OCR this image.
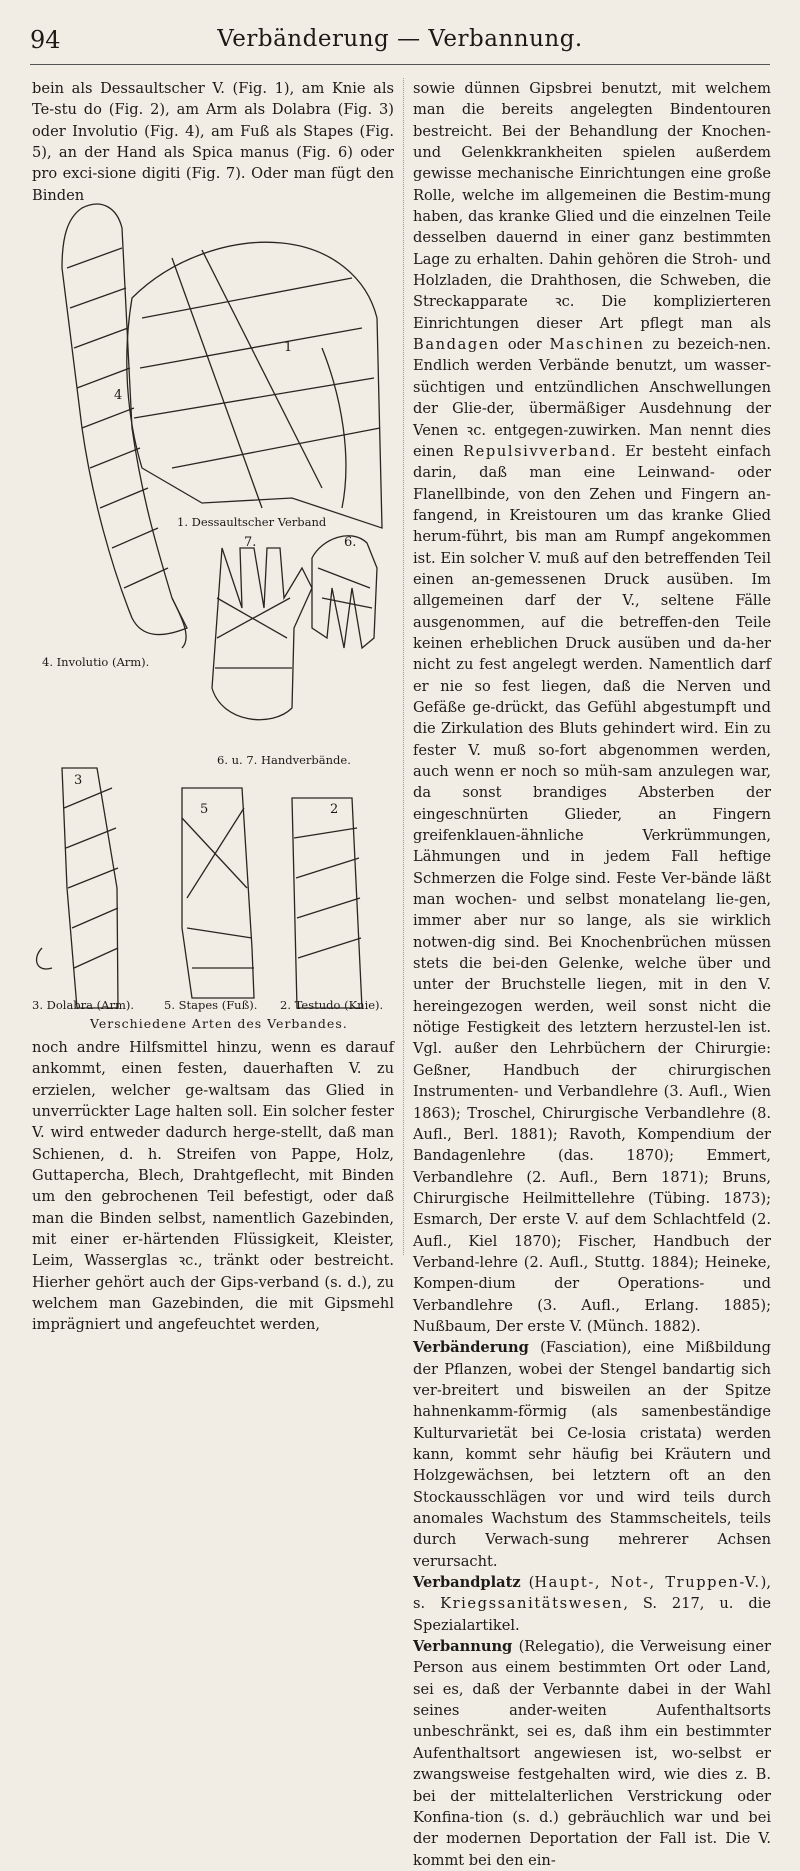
94	Verbänderung — Verbannung.

bein als Dessaultscher V. (Fig. 1), am Knie als Te-stu do (Fig. 2), am Arm als Dolabra (Fig. 3) oder Involutio (Fig. 4), am Fuß als Stapes (Fig. 5), an der Hand als Spica manus (Fig. 6) oder pro exci-sione digiti (Fig. 7). Oder man fügt den Binden

1
4
7.	6.
3
5	2
1. Dessaultscher Verband
4. Involutio (Arm).
6. u. 7. Handverbände.
3. Dolabra (Arm).	5. Stapes (Fuß). 2. Testudo (Knie).
Verschiedene Arten des Verbandes.

noch andre Hilfsmittel hinzu, wenn es darauf ankommt, einen festen, dauerhaften V. zu erzielen, welcher ge-waltsam das Glied in unverrückter Lage halten soll. Ein solcher fester V. wird entweder dadurch herge-stellt, daß man Schienen, d. h. Streifen von Pappe, Holz, Guttapercha, Blech, Drahtgeflecht, mit Binden um den gebrochenen Teil befestigt, oder daß man die Binden selbst, namentlich Gazebinden, mit einer er-härtenden Flüssigkeit, Kleister, Leim, Wasserglas ꝛc., tränkt oder bestreicht. Hierher gehört auch der Gips-verband (s. d.), zu welchem man Gazebinden, die mit Gipsmehl imprägniert und angefeuchtet werden,

sowie dünnen Gipsbrei benutzt, mit welchem man die bereits angelegten Bindentouren bestreicht. Bei der Behandlung der Knochen- und Gelenkkrankheiten spielen außerdem gewisse mechanische Einrichtungen eine große Rolle, welche im allgemeinen die Bestim-mung haben, das kranke Glied und die einzelnen Teile desselben dauernd in einer ganz bestimmten Lage zu erhalten. Dahin gehören die Stroh- und Holzladen, die Drahthosen, die Schweben, die Streckapparate ꝛc. Die komplizierteren Einrichtungen dieser Art pflegt man als Bandagen oder Maschinen zu bezeich-nen. Endlich werden Verbände benutzt, um wasser-süchtigen und entzündlichen Anschwellungen der Glie-der, übermäßiger Ausdehnung der Venen ꝛc. entgegen-zuwirken. Man nennt dies einen Repulsivverband. Er besteht einfach darin, daß man eine Leinwand- oder Flanellbinde, von den Zehen und Fingern an-fangend, in Kreistouren um das kranke Glied herum-führt, bis man am Rumpf angekommen ist. Ein solcher V. muß auf den betreffenden Teil einen an-gemessenen Druck ausüben. Im allgemeinen darf der V., seltene Fälle ausgenommen, auf die betreffen-den Teile keinen erheblichen Druck ausüben und da-her nicht zu fest angelegt werden. Namentlich darf er nie so fest liegen, daß die Nerven und Gefäße ge-drückt, das Gefühl abgestumpft und die Zirkulation des Bluts gehindert wird. Ein zu fester V. muß so-fort abgenommen werden, auch wenn er noch so müh-sam anzulegen war, da sonst brandiges Absterben der eingeschnürten Glieder, an Fingern greifenklauen-ähnliche Verkrümmungen, Lähmungen und in jedem Fall heftige Schmerzen die Folge sind. Feste Ver-bände läßt man wochen- und selbst monatelang lie-gen, immer aber nur so lange, als sie wirklich notwen-dig sind. Bei Knochenbrüchen müssen stets die bei-den Gelenke, welche über und unter der Bruchstelle liegen, mit in den V. hereingezogen werden, weil sonst nicht die nötige Festigkeit des letztern herzustel-len ist. Vgl. außer den Lehrbüchern der Chirurgie: Geßner, Handbuch der chirurgischen Instrumenten- und Verbandlehre (3. Aufl., Wien 1863); Troschel, Chirurgische Verbandlehre (8. Aufl., Berl. 1881); Ravoth, Kompendium der Bandagenlehre (das. 1870); Emmert, Verbandlehre (2. Aufl., Bern 1871); Bruns, Chirurgische Heilmittellehre (Tübing. 1873); Esmarch, Der erste V. auf dem Schlachtfeld (2. Aufl., Kiel 1870); Fischer, Handbuch der Verband-lehre (2. Aufl., Stuttg. 1884); Heineke, Kompen-dium der Operations- und Verbandlehre (3. Aufl., Erlang. 1885); Nußbaum, Der erste V. (Münch. 1882).

Verbänderung (Fasciation), eine Mißbildung der Pflanzen, wobei der Stengel bandartig sich ver-breitert und bisweilen an der Spitze hahnenkamm-förmig (als samenbeständige Kulturvarietät bei Ce-losia cristata) werden kann, kommt sehr häufig bei Kräutern und Holzgewächsen, bei letztern oft an den Stockausschlägen vor und wird teils durch anomales Wachstum des Stammscheitels, teils durch Verwach-sung mehrerer Achsen verursacht.

Verbandplatz (Haupt-, Not-, Truppen-V.), s. Kriegssanitätswesen, S. 217, u. die Spezialartikel.

Verbannung (Relegatio), die Verweisung einer Person aus einem bestimmten Ort oder Land, sei es, daß der Verbannte dabei in der Wahl seines ander-weiten Aufenthaltsorts unbeschränkt, sei es, daß ihm ein bestimmter Aufenthaltsort angewiesen ist, wo-selbst er zwangsweise festgehalten wird, wie dies z. B. bei der mittelalterlichen Verstrickung oder Konfina-tion (s. d.) gebräuchlich war und bei der modernen Deportation der Fall ist. Die V. kommt bei den ein-
